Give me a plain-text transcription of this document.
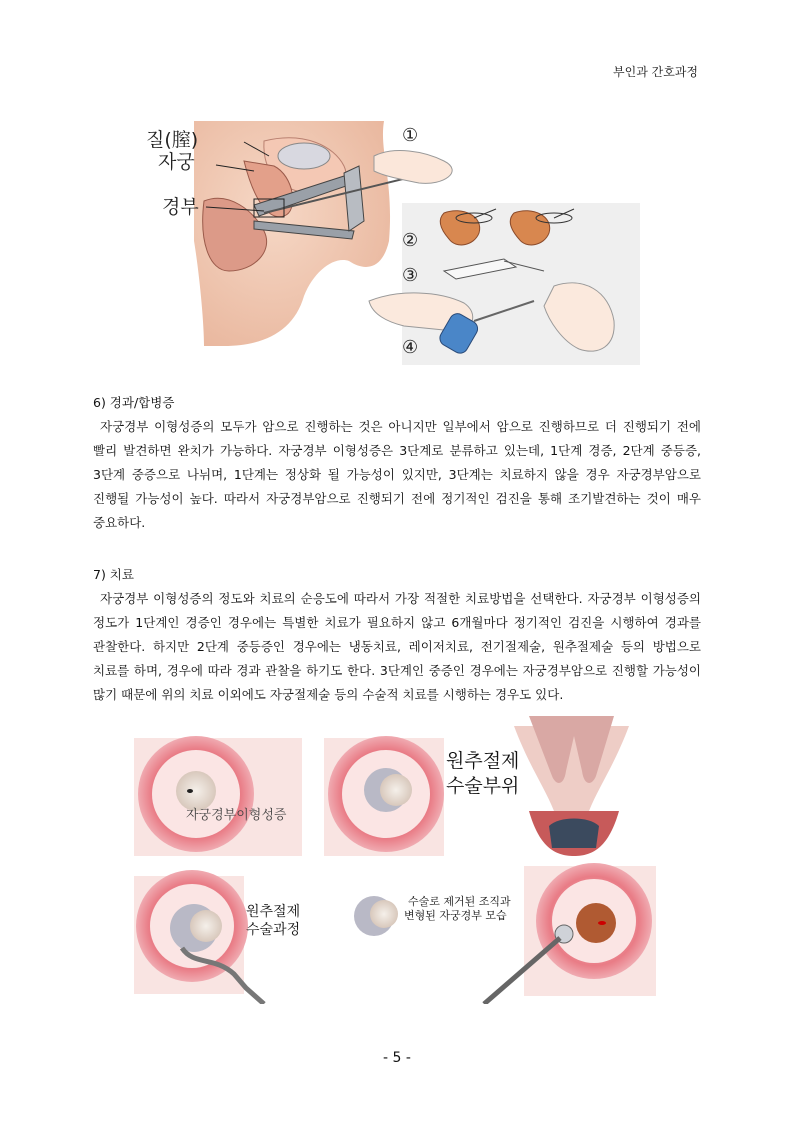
부인과 간호과정
질(膣)
자궁
경부
①
②
③
④
6) 경과/합병증

자궁경부 이형성증의 모두가 암으로 진행하는 것은 아니지만 일부에서 암으로 진행하므로 더 진행되기 전에 빨리 발견하면 완치가 가능하다. 자궁경부 이형성증은 3단계로 분류하고 있는데, 1단계 경증, 2단계 중등증, 3단계 중증으로 나뉘며, 1단계는 정상화 될 가능성이 있지만, 3단계는 치료하지 않을 경우 자궁경부암으로 진행될 가능성이 높다. 따라서 자궁경부암으로 진행되기 전에 정기적인 검진을 통해 조기발견하는 것이 매우 중요하다.

7) 치료

자궁경부 이형성증의 정도와 치료의 순응도에 따라서 가장 적절한 치료방법을 선택한다. 자궁경부 이형성증의 정도가 1단계인 경증인 경우에는 특별한 치료가 필요하지 않고 6개월마다 정기적인 검진을 시행하여 경과를 관찰한다. 하지만 2단계 중등증인 경우에는 냉동치료, 레이저치료, 전기절제술, 원추절제술 등의 방법으로 치료를 하며, 경우에 따라 경과 관찰을 하기도 한다. 3단계인 중증인 경우에는 자궁경부암으로 진행할 가능성이 많기 때문에 위의 치료 이외에도 자궁절제술 등의 수술적 치료를 시행하는 경우도 있다.

자궁경부이형성증
원추절제
수술부위
원추절제
수술과정
수술로 제거된 조직과
변형된 자궁경부 모습
- 5 -
